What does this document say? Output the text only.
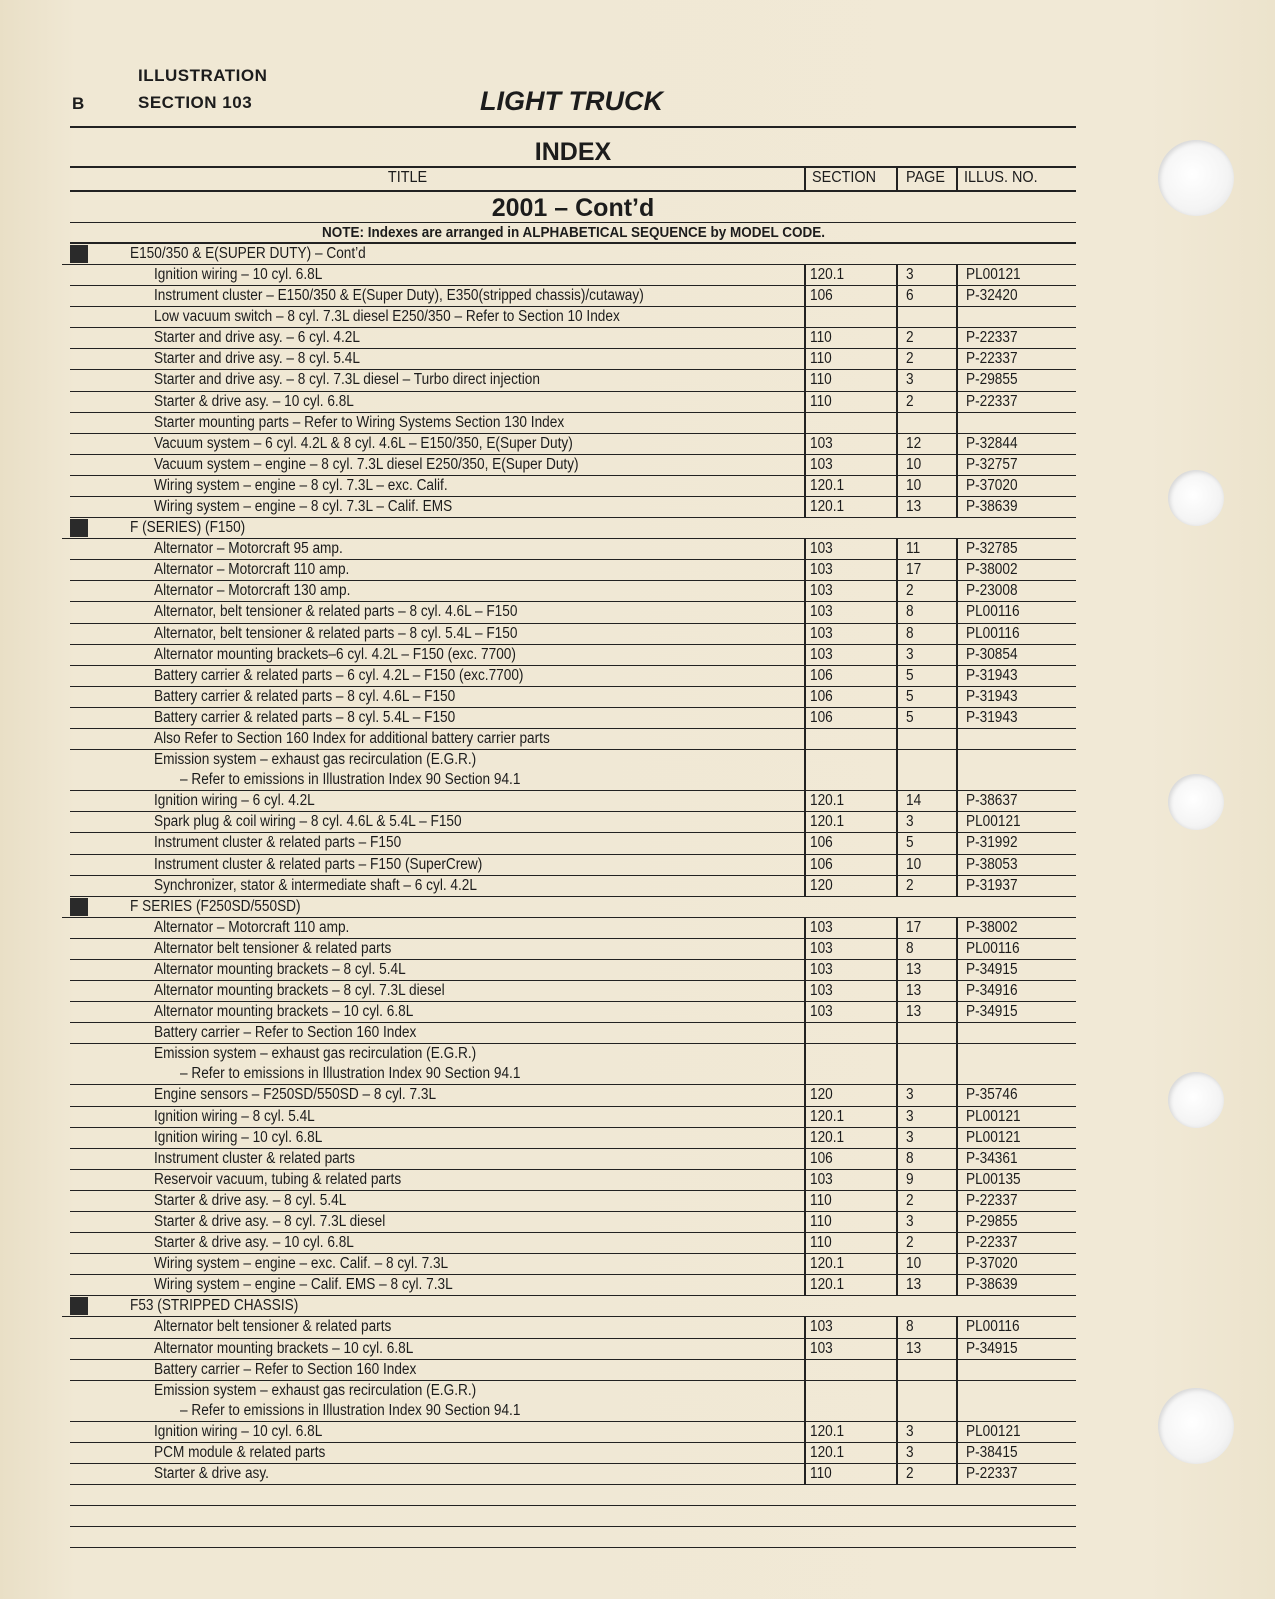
B
ILLUSTRATION
SECTION 103	LIGHT TRUCK
INDEX
TITLE	SECTION PAGE ILLUS. NO.
2001 – Cont’d
NOTE: Indexes are arranged in ALPHABETICAL SEQUENCE by MODEL CODE.
E150/350 & E(SUPER DUTY) – Cont’d
Ignition wiring – 10 cyl. 6.8L	120.1	3	PL00121
Instrument cluster – E150/350 & E(Super Duty), E350(stripped chassis)/cutaway)	106	6	P-32420
Low vacuum switch – 8 cyl. 7.3L diesel E250/350 – Refer to Section 10 Index
Starter and drive asy. – 6 cyl. 4.2L	110	2	P-22337
Starter and drive asy. – 8 cyl. 5.4L	110	2	P-22337
Starter and drive asy. – 8 cyl. 7.3L diesel – Turbo direct injection	110	3	P-29855
Starter & drive asy. – 10 cyl. 6.8L	110	2	P-22337
Starter mounting parts – Refer to Wiring Systems Section 130 Index
Vacuum system – 6 cyl. 4.2L & 8 cyl. 4.6L – E150/350, E(Super Duty)	103	12	P-32844
Vacuum system – engine – 8 cyl. 7.3L diesel E250/350, E(Super Duty)	103	10	P-32757
Wiring system – engine – 8 cyl. 7.3L – exc. Calif.	120.1	10	P-37020
Wiring system – engine – 8 cyl. 7.3L – Calif. EMS	120.1	13	P-38639
F (SERIES) (F150)
Alternator – Motorcraft 95 amp.	103	11	P-32785
Alternator – Motorcraft 110 amp.	103	17	P-38002
Alternator – Motorcraft 130 amp.	103	2	P-23008
Alternator, belt tensioner & related parts – 8 cyl. 4.6L – F150	103	8	PL00116
Alternator, belt tensioner & related parts – 8 cyl. 5.4L – F150	103	8	PL00116
Alternator mounting brackets–6 cyl. 4.2L – F150 (exc. 7700)	103	3	P-30854
Battery carrier & related parts – 6 cyl. 4.2L – F150 (exc.7700)	106	5	P-31943
Battery carrier & related parts – 8 cyl. 4.6L – F150	106	5	P-31943
Battery carrier & related parts – 8 cyl. 5.4L – F150	106	5	P-31943
Also Refer to Section 160 Index for additional battery carrier parts
Emission system – exhaust gas recirculation (E.G.R.)
– Refer to emissions in Illustration Index 90 Section 94.1
Ignition wiring – 6 cyl. 4.2L	120.1	14	P-38637
Spark plug & coil wiring – 8 cyl. 4.6L & 5.4L – F150	120.1	3	PL00121
Instrument cluster & related parts – F150	106	5	P-31992
Instrument cluster & related parts – F150 (SuperCrew)	106	10	P-38053
Synchronizer, stator & intermediate shaft – 6 cyl. 4.2L	120	2	P-31937
F SERIES (F250SD/550SD)
Alternator – Motorcraft 110 amp.	103	17	P-38002
Alternator belt tensioner & related parts	103	8	PL00116
Alternator mounting brackets – 8 cyl. 5.4L	103	13	P-34915
Alternator mounting brackets – 8 cyl. 7.3L diesel	103	13	P-34916
Alternator mounting brackets – 10 cyl. 6.8L	103	13	P-34915
Battery carrier – Refer to Section 160 Index
Emission system – exhaust gas recirculation (E.G.R.)
– Refer to emissions in Illustration Index 90 Section 94.1
Engine sensors – F250SD/550SD – 8 cyl. 7.3L	120	3	P-35746
Ignition wiring – 8 cyl. 5.4L	120.1	3	PL00121
Ignition wiring – 10 cyl. 6.8L	120.1	3	PL00121
Instrument cluster & related parts	106	8	P-34361
Reservoir vacuum, tubing & related parts	103	9	PL00135
Starter & drive asy. – 8 cyl. 5.4L	110	2	P-22337
Starter & drive asy. – 8 cyl. 7.3L diesel	110	3	P-29855
Starter & drive asy. – 10 cyl. 6.8L	110	2	P-22337
Wiring system – engine – exc. Calif. – 8 cyl. 7.3L	120.1	10	P-37020
Wiring system – engine – Calif. EMS – 8 cyl. 7.3L	120.1	13	P-38639
F53 (STRIPPED CHASSIS)
Alternator belt tensioner & related parts	103	8	PL00116
Alternator mounting brackets – 10 cyl. 6.8L	103	13	P-34915
Battery carrier – Refer to Section 160 Index
Emission system – exhaust gas recirculation (E.G.R.)
– Refer to emissions in Illustration Index 90 Section 94.1
Ignition wiring – 10 cyl. 6.8L	120.1	3	PL00121
PCM module & related parts	120.1	3	P-38415
Starter & drive asy.	110	2	P-22337
